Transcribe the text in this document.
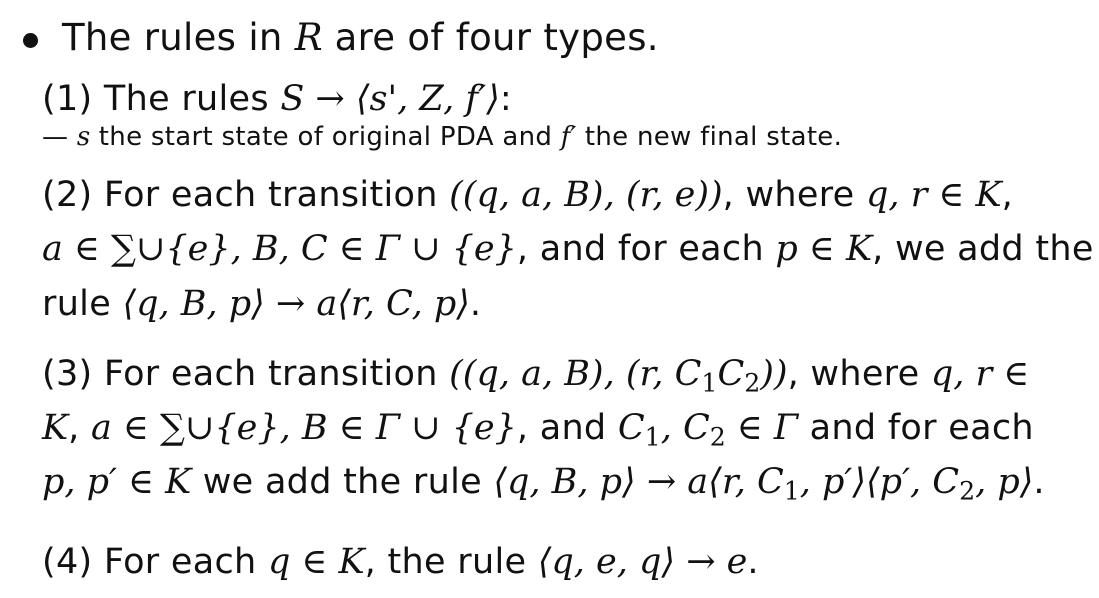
The rules in R are of four types.
(1) The rules S → ⟨s', Z, f′⟩:
— s the start state of original PDA and f′ the new final state.
(2) For each transition ((q, a, B), (r, e)), where q, r ∈ K,
a ∈ ∑∪{e}, B, C ∈ Γ ∪ {e}, and for each p ∈ K, we add the
rule ⟨q, B, p⟩ → a⟨r, C, p⟩.
(3) For each transition ((q, a, B), (r, $C_1C_2$)), where q, r ∈
K, a ∈ ∑∪{e}, B ∈ Γ ∪ {e}, and $C_1$, $C_2$ ∈ Γ and for each
p, p′ ∈ K we add the rule ⟨q, B, p⟩ → a⟨r, $C_1$, p′⟩⟨p′, $C_2$, p⟩.
(4) For each q ∈ K, the rule ⟨q, e, q⟩ → e.
